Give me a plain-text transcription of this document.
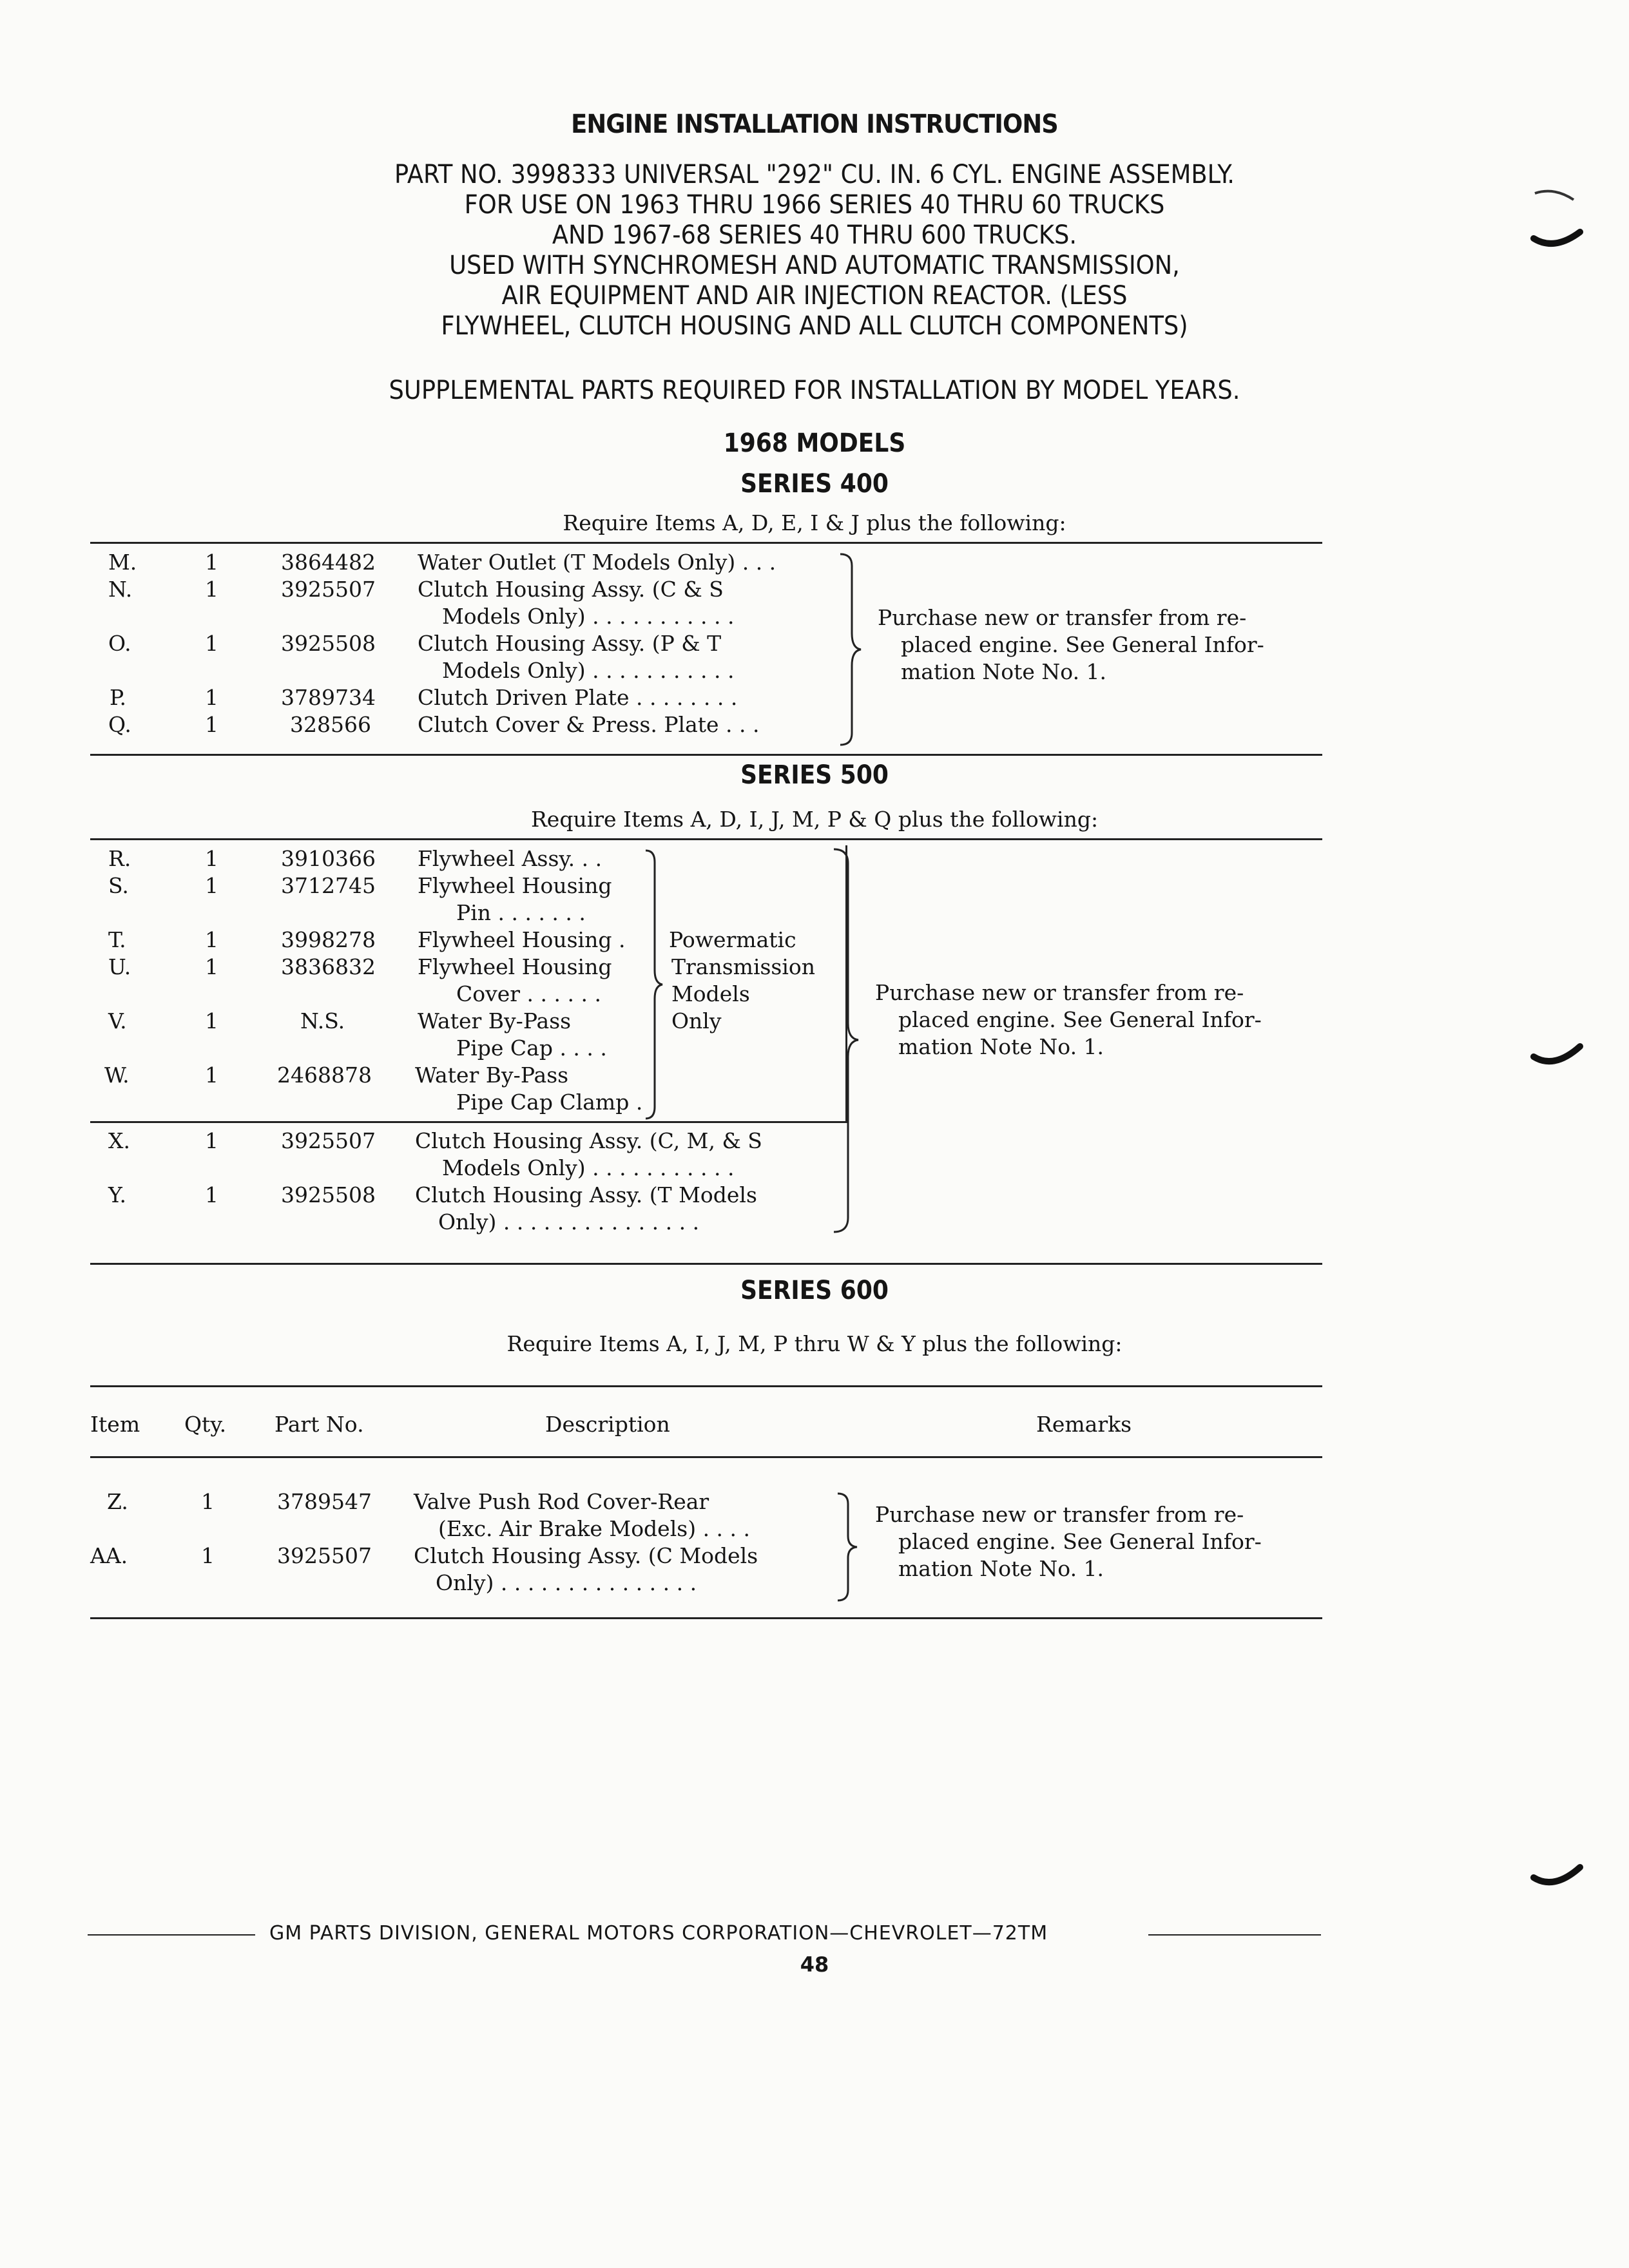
ENGINE INSTALLATION INSTRUCTIONS
PART NO. 3998333 UNIVERSAL "292" CU. IN. 6 CYL. ENGINE ASSEMBLY.
FOR USE ON 1963 THRU 1966 SERIES 40 THRU 60 TRUCKS
AND 1967-68 SERIES 40 THRU 600 TRUCKS.
USED WITH SYNCHROMESH AND AUTOMATIC TRANSMISSION,
AIR EQUIPMENT AND AIR INJECTION REACTOR. (LESS
FLYWHEEL, CLUTCH HOUSING AND ALL CLUTCH COMPONENTS)
SUPPLEMENTAL PARTS REQUIRED FOR INSTALLATION BY MODEL YEARS.
1968 MODELS
SERIES 400
Require Items A, D, E, I & J plus the following:
M.	1	3864482 Water Outlet (T Models Only) . . .
N.	1	3925507 Clutch Housing Assy. (C & S
Models Only) . . . . . . . . . . .
O.	1	3925508 Clutch Housing Assy. (P & T
Models Only) . . . . . . . . . . .
P.	1	3789734 Clutch Driven Plate . . . . . . . .
Q.	1	328566 Clutch Cover & Press. Plate . . .
Purchase new or transfer from re-
placed engine. See General Infor-
mation Note No. 1.
SERIES 500
Require Items A, D, I, J, M, P & Q plus the following:
R.	1	3910366 Flywheel Assy. . .
S.	1	3712745 Flywheel Housing
Pin . . . . . . .
T.	1	3998278 Flywheel Housing .
U.	1	3836832 Flywheel Housing
Cover . . . . . .
V.	1	N.S.	Water By-Pass
Pipe Cap . . . .
W.	1	2468878 Water By-Pass
Pipe Cap Clamp .
Powermatic
Transmission
Models
Only
X.	1	3925507 Clutch Housing Assy. (C, M, & S
Models Only) . . . . . . . . . . .
Y.	1	3925508 Clutch Housing Assy. (T Models
Only) . . . . . . . . . . . . . . .
Purchase new or transfer from re-
placed engine. See General Infor-
mation Note No. 1.
SERIES 600
Require Items A, I, J, M, P thru W & Y plus the following:
Item Qty. Part No.	Description	Remarks
Z.	1	3789547 Valve Push Rod Cover-Rear
(Exc. Air Brake Models) . . . .
AA.	1	3925507 Clutch Housing Assy. (C Models
Only) . . . . . . . . . . . . . . .
Purchase new or transfer from re-
placed engine. See General Infor-
mation Note No. 1.
GM PARTS DIVISION, GENERAL MOTORS CORPORATION—CHEVROLET—72TM
48
